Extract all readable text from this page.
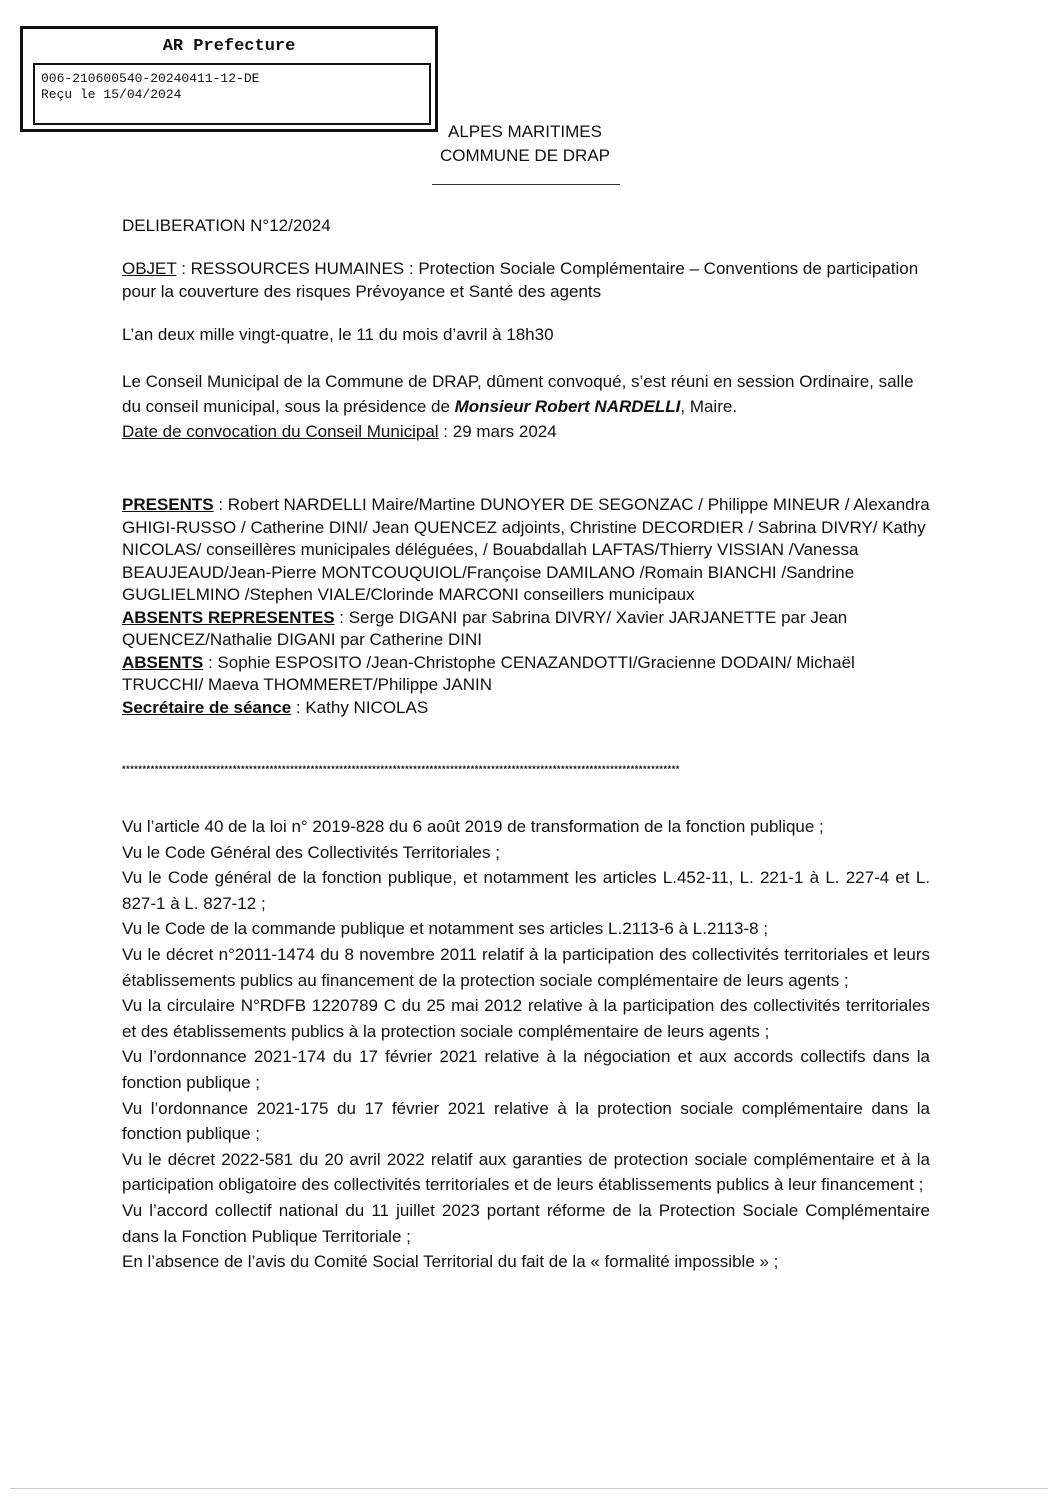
AR Prefecture
006-210600540-20240411-12-DE
Reçu le 15/04/2024
ALPES MARITIMES
COMMUNE DE DRAP
DELIBERATION N°12/2024
OBJET : RESSOURCES HUMAINES : Protection Sociale Complémentaire – Conventions de participation pour la couverture des risques Prévoyance et Santé des agents
L’an deux mille vingt-quatre, le 11 du mois d’avril à 18h30
Le Conseil Municipal de la Commune de DRAP, dûment convoqué, s’est réuni en session Ordinaire, salle du conseil municipal, sous la présidence de Monsieur Robert NARDELLI, Maire.
Date de convocation du Conseil Municipal : 29 mars 2024
PRESENTS : Robert NARDELLI Maire/Martine DUNOYER DE SEGONZAC / Philippe MINEUR / Alexandra GHIGI-RUSSO / Catherine DINI/ Jean QUENCEZ adjoints, Christine DECORDIER / Sabrina DIVRY/ Kathy NICOLAS/ conseillères municipales déléguées, / Bouabdallah LAFTAS/Thierry VISSIAN /Vanessa BEAUJEAUD/Jean-Pierre MONTCOUQUIOL/Françoise DAMILANO /Romain BIANCHI /Sandrine GUGLIELMINO /Stephen VIALE/Clorinde MARCONI conseillers municipaux
ABSENTS REPRESENTES : Serge DIGANI par Sabrina DIVRY/ Xavier JARJANETTE par Jean QUENCEZ/Nathalie DIGANI par Catherine DINI
ABSENTS : Sophie ESPOSITO /Jean-Christophe CENAZANDOTTI/Gracienne DODAIN/ Michaël TRUCCHI/ Maeva THOMMERET/Philippe JANIN
Secrétaire de séance : Kathy NICOLAS
****************************************************************************************************************************************

Vu l’article 40 de la loi n° 2019-828 du 6 août 2019 de transformation de la fonction publique ;

Vu le Code Général des Collectivités Territoriales ;

Vu le Code général de la fonction publique, et notamment les articles L.452-11, L. 221-1 à L. 227-4 et L. 827-1 à L. 827-12 ;

Vu le Code de la commande publique et notamment ses articles L.2113-6 à L.2113-8 ;

Vu le décret n°2011-1474 du 8 novembre 2011 relatif à la participation des collectivités territoriales et leurs établissements publics au financement de la protection sociale complémentaire de leurs agents ;

Vu la circulaire N°RDFB 1220789 C du 25 mai 2012 relative à la participation des collectivités territoriales et des établissements publics à la protection sociale complémentaire de leurs agents ;

Vu l’ordonnance 2021-174 du 17 février 2021 relative à la négociation et aux accords collectifs dans la fonction publique ;

Vu l’ordonnance 2021-175 du 17 février 2021 relative à la protection sociale complémentaire dans la fonction publique ;

Vu le décret 2022-581 du 20 avril 2022 relatif aux garanties de protection sociale complémentaire et à la participation obligatoire des collectivités territoriales et de leurs établissements publics à leur financement ;

Vu l’accord collectif national du 11 juillet 2023 portant réforme de la Protection Sociale Complémentaire dans la Fonction Publique Territoriale ;

En l’absence de l’avis du Comité Social Territorial du fait de la « formalité impossible » ;
